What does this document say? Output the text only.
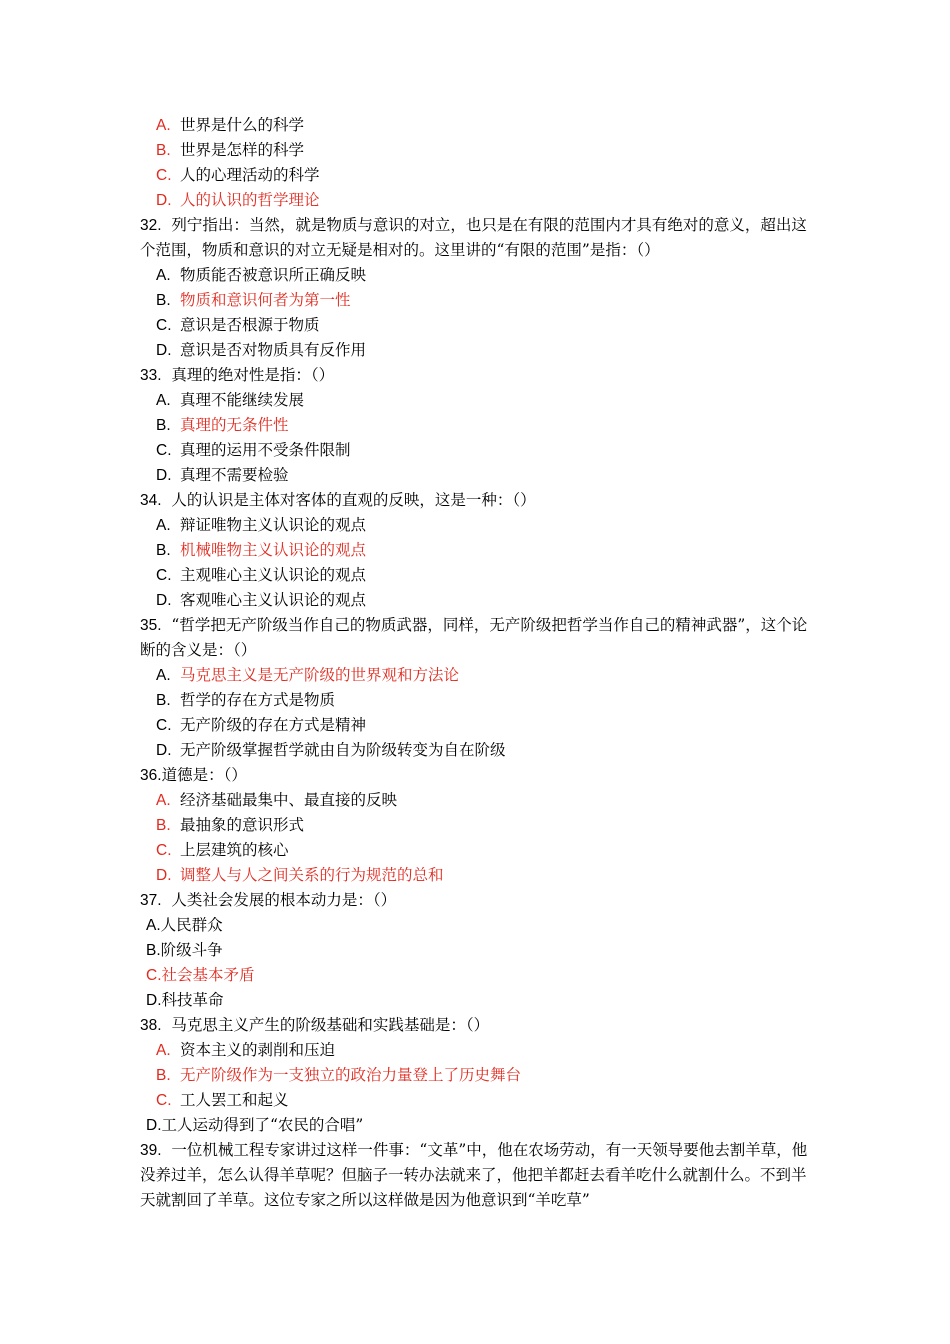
A. 世界是什么的科学
B. 世界是怎样的科学
C. 人的心理活动的科学
D. 人的认识的哲学理论
32. 列宁指出：当然，就是物质与意识的对立，也只是在有限的范围内才具有绝对的意义，超出这个范围，物质和意识的对立无疑是相对的。这里讲的“有限的范围”是指：（）
A. 物质能否被意识所正确反映
B. 物质和意识何者为第一性
C. 意识是否根源于物质
D. 意识是否对物质具有反作用
33. 真理的绝对性是指：（）
A. 真理不能继续发展
B. 真理的无条件性
C. 真理的运用不受条件限制
D. 真理不需要检验
34. 人的认识是主体对客体的直观的反映，这是一种：（）
A. 辩证唯物主义认识论的观点
B. 机械唯物主义认识论的观点
C. 主观唯心主义认识论的观点
D. 客观唯心主义认识论的观点
35. “哲学把无产阶级当作自己的物质武器，同样，无产阶级把哲学当作自己的精神武器”，这个论断的含义是：（）
A. 马克思主义是无产阶级的世界观和方法论
B. 哲学的存在方式是物质
C. 无产阶级的存在方式是精神
D. 无产阶级掌握哲学就由自为阶级转变为自在阶级
36.道德是：（）
A. 经济基础最集中、最直接的反映
B. 最抽象的意识形式
C. 上层建筑的核心
D. 调整人与人之间关系的行为规范的总和
37. 人类社会发展的根本动力是：（）
A.人民群众
B.阶级斗争
C.社会基本矛盾
D.科技革命
38. 马克思主义产生的阶级基础和实践基础是：（）
A. 资本主义的剥削和压迫
B. 无产阶级作为一支独立的政治力量登上了历史舞台
C. 工人罢工和起义
D.工人运动得到了“农民的合唱”
39. 一位机械工程专家讲过这样一件事：“文革”中，他在农场劳动，有一天领导要他去割羊草，他没养过羊，怎么认得羊草呢？但脑子一转办法就来了，他把羊都赶去看羊吃什么就割什么。不到半天就割回了羊草。这位专家之所以这样做是因为他意识到“羊吃草”
